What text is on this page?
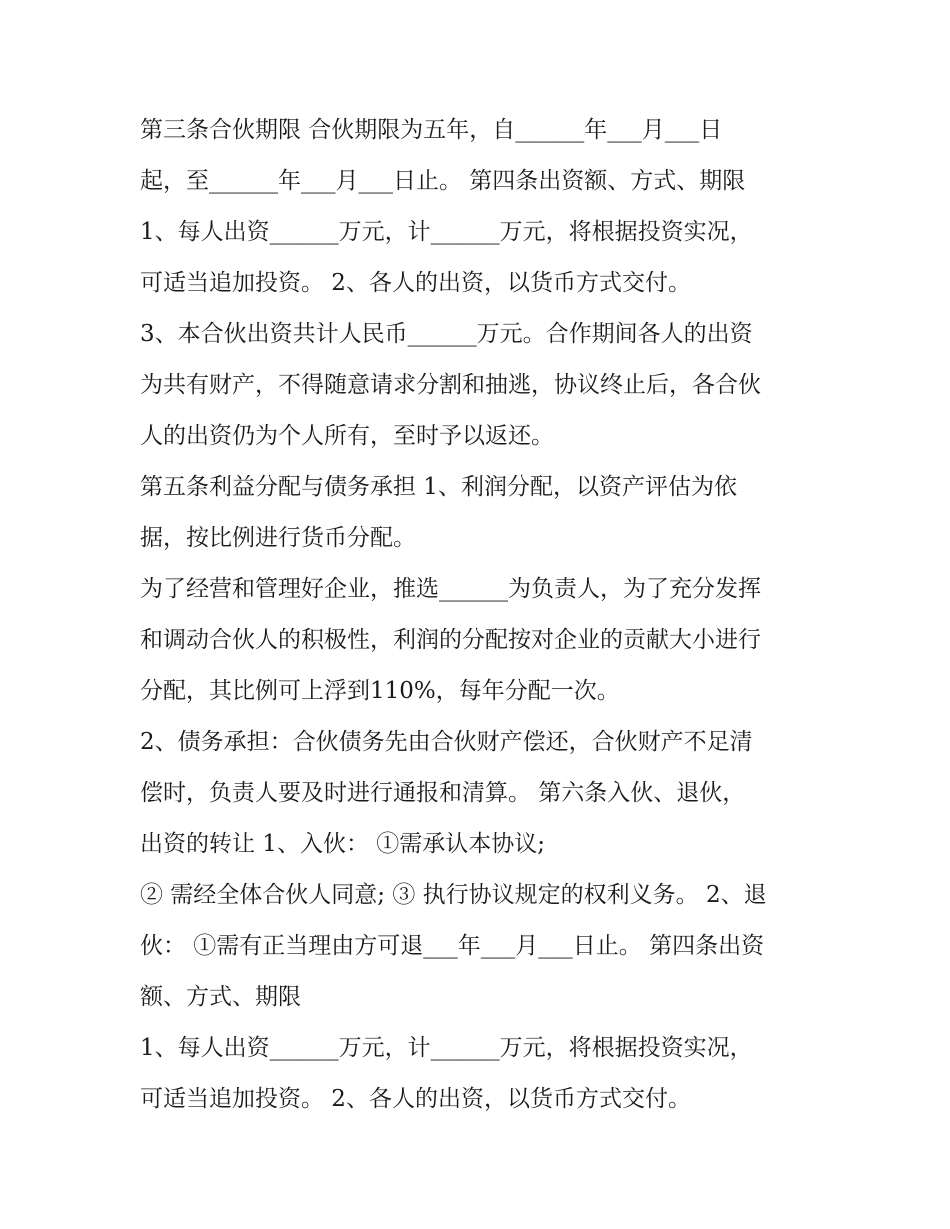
第三条合伙期限 合伙期限为五年，自______年___月___日
起，至______年___月___日止。 第四条出资额、方式、期限
1、每人出资______万元，计______万元，将根据投资实况，
可适当追加投资。 2、各人的出资，以货币方式交付。
3、本合伙出资共计人民币______万元。合作期间各人的出资
为共有财产，不得随意请求分割和抽逃，协议终止后，各合伙
人的出资仍为个人所有，至时予以返还。
第五条利益分配与债务承担 1、利润分配，以资产评估为依
据，按比例进行货币分配。
为了经营和管理好企业，推选______为负责人，为了充分发挥
和调动合伙人的积极性，利润的分配按对企业的贡献大小进行
分配，其比例可上浮到110%，每年分配一次。
2、债务承担：合伙债务先由合伙财产偿还，合伙财产不足清
偿时，负责人要及时进行通报和清算。 第六条入伙、退伙，
出资的转让 1、入伙： ①需承认本协议;
② 需经全体合伙人同意; ③ 执行协议规定的权利义务。 2、退
伙： ①需有正当理由方可退___年___月___日止。 第四条出资
额、方式、期限
1、每人出资______万元，计______万元，将根据投资实况，
可适当追加投资。 2、各人的出资，以货币方式交付。
